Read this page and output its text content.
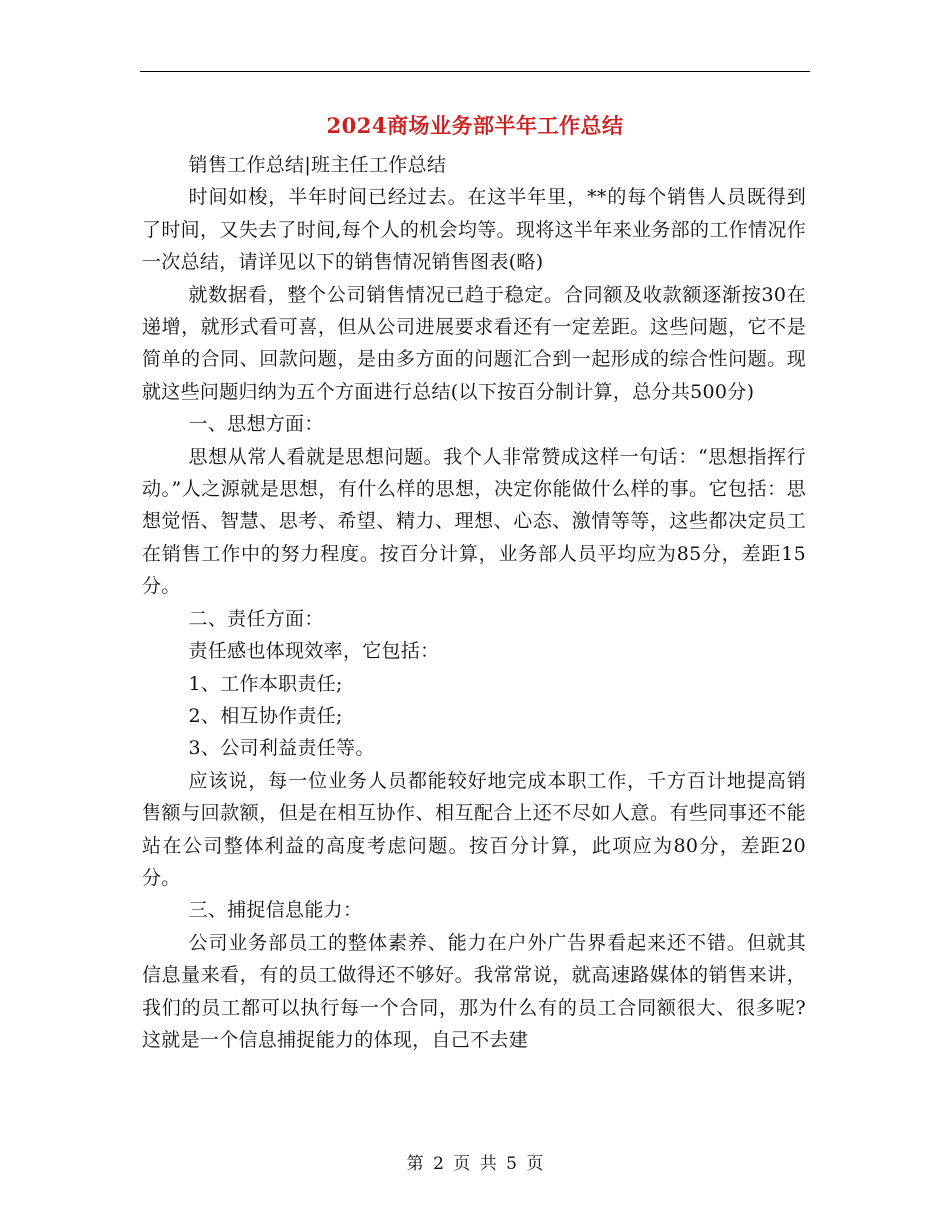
2024商场业务部半年工作总结

销售工作总结|班主任工作总结

时间如梭，半年时间已经过去。在这半年里，**的每个销售人员既得到了时间，又失去了时间,每个人的机会均等。现将这半年来业务部的工作情况作一次总结，请详见以下的销售情况销售图表(略)

就数据看，整个公司销售情况已趋于稳定。合同额及收款额逐渐按30在递增，就形式看可喜，但从公司进展要求看还有一定差距。这些问题，它不是简单的合同、回款问题，是由多方面的问题汇合到一起形成的综合性问题。现就这些问题归纳为五个方面进行总结(以下按百分制计算，总分共500分)

一、思想方面：

思想从常人看就是思想问题。我个人非常赞成这样一句话：“思想指挥行动。”人之源就是思想，有什么样的思想，决定你能做什么样的事。它包括：思想觉悟、智慧、思考、希望、精力、理想、心态、激情等等，这些都决定员工在销售工作中的努力程度。按百分计算，业务部人员平均应为85分，差距15分。

二、责任方面：

责任感也体现效率，它包括：

1、工作本职责任;

2、相互协作责任;

3、公司利益责任等。

应该说，每一位业务人员都能较好地完成本职工作，千方百计地提高销售额与回款额，但是在相互协作、相互配合上还不尽如人意。有些同事还不能站在公司整体利益的高度考虑问题。按百分计算，此项应为80分，差距20分。

三、捕捉信息能力：

公司业务部员工的整体素养、能力在户外广告界看起来还不错。但就其信息量来看，有的员工做得还不够好。我常常说，就高速路媒体的销售来讲，我们的员工都可以执行每一个合同，那为什么有的员工合同额很大、很多呢?这就是一个信息捕捉能力的体现，自己不去建

第 2 页 共 5 页
